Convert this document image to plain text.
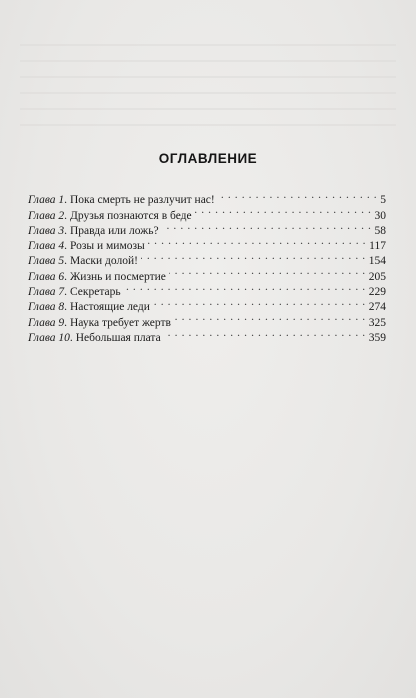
ОГЛАВЛЕНИЕ
Глава
1 . Пока смерть не разлучит нас! . . .	5
Глава
2 . Друзья познаются в беде . . .	30
Глава
3 . Правда или ложь? . . .	58
Глава
4 . Розы и мимозы . . .	117
Глава
5 . Маски долой! . . .	154
Глава
6 . Жизнь и посмертие . . .	205
Глава
7 . Секретарь . . .	229
Глава
8 . Настоящие леди . . .	274
Глава
9 . Наука требует жертв . . .	325
Глава
10 . Небольшая плата . . .	359
